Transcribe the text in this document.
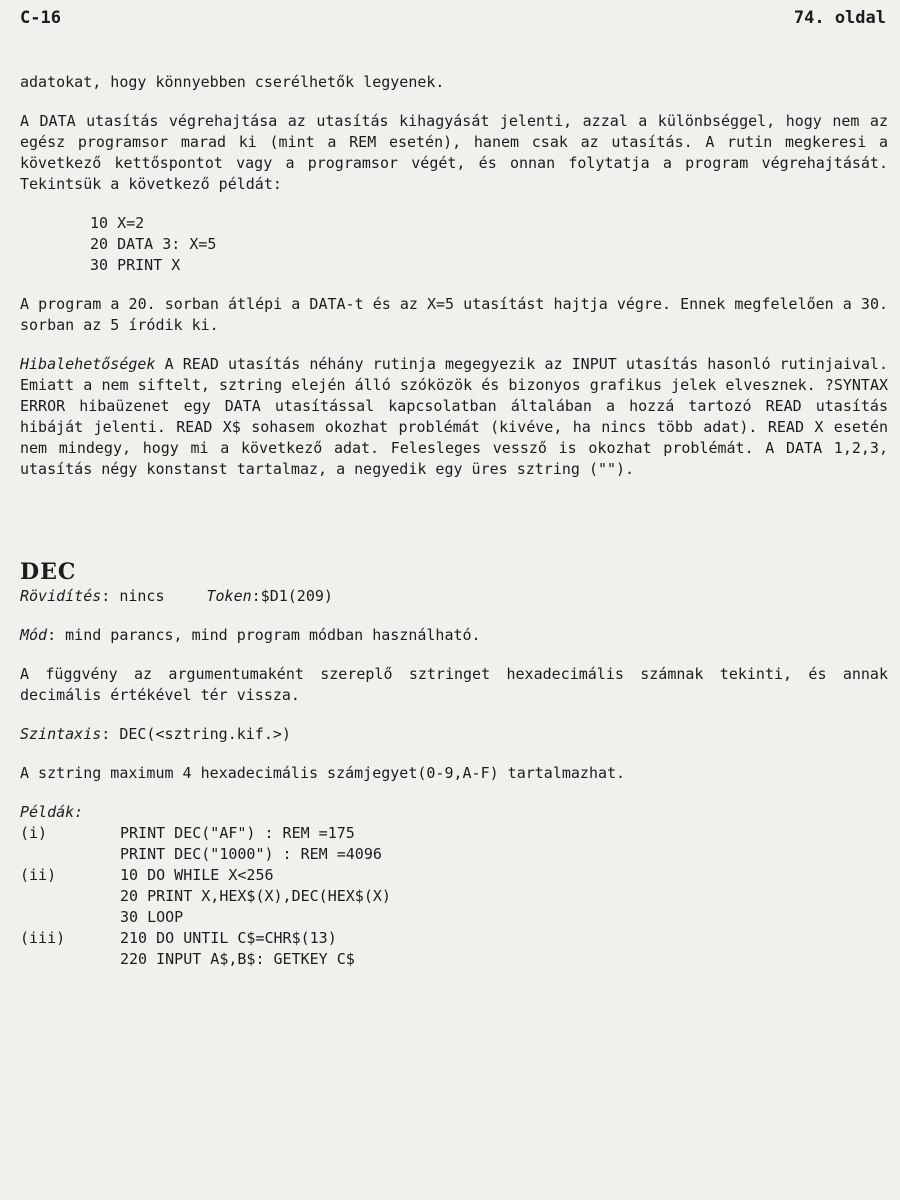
C-16	74. oldal

adatokat, hogy könnyebben cserélhetők legyenek.

A DATA utasítás végrehajtása az utasítás kihagyását jelenti, azzal a különbséggel, hogy nem az egész programsor marad ki (mint a REM esetén), hanem csak az utasítás. A rutin megkeresi a következő kettőspontot vagy a programsor végét, és onnan folytatja a program végrehajtását. Tekintsük a következő példát:

10 X=2
20 DATA 3: X=5
30 PRINT X

A program a 20. sorban átlépi a DATA-t és az X=5 utasítást hajtja végre. Ennek megfelelően a 30. sorban az 5 íródik ki.

Hibalehetőségek A READ utasítás néhány rutinja megegyezik az INPUT utasítás hasonló rutinjaival. Emiatt a nem siftelt, sztring elején álló szóközök és bizonyos grafikus jelek elvesznek. ?SYNTAX ERROR hibaüzenet egy DATA utasítással kapcsolatban általában a hozzá tartozó READ utasítás hibáját jelenti. READ X$ sohasem okozhat problémát (kivéve, ha nincs több adat). READ X esetén nem mindegy, hogy mi a következő adat. Felesleges vessző is okozhat problémát. A DATA 1,2,3, utasítás négy konstanst tartalmaz, a negyedik egy üres sztring ("").

DEC

Rövidítés: nincs	Token:$D1(209)

Mód: mind parancs, mind program módban használható.

A függvény az argumentumaként szereplő sztringet hexadecimális számnak tekinti, és annak decimális értékével tér vissza.

Szintaxis: DEC(<sztring.kif.>)

A sztring maximum 4 hexadecimális számjegyet(0-9,A-F) tartalmazhat.

Példák:

(i)	PRINT DEC("AF") : REM =175
PRINT DEC("1000") : REM =4096
(ii)	10 DO WHILE X<256
20 PRINT X,HEX$(X),DEC(HEX$(X)
30 LOOP
(iii)	210 DO UNTIL C$=CHR$(13)
220 INPUT A$,B$: GETKEY C$
